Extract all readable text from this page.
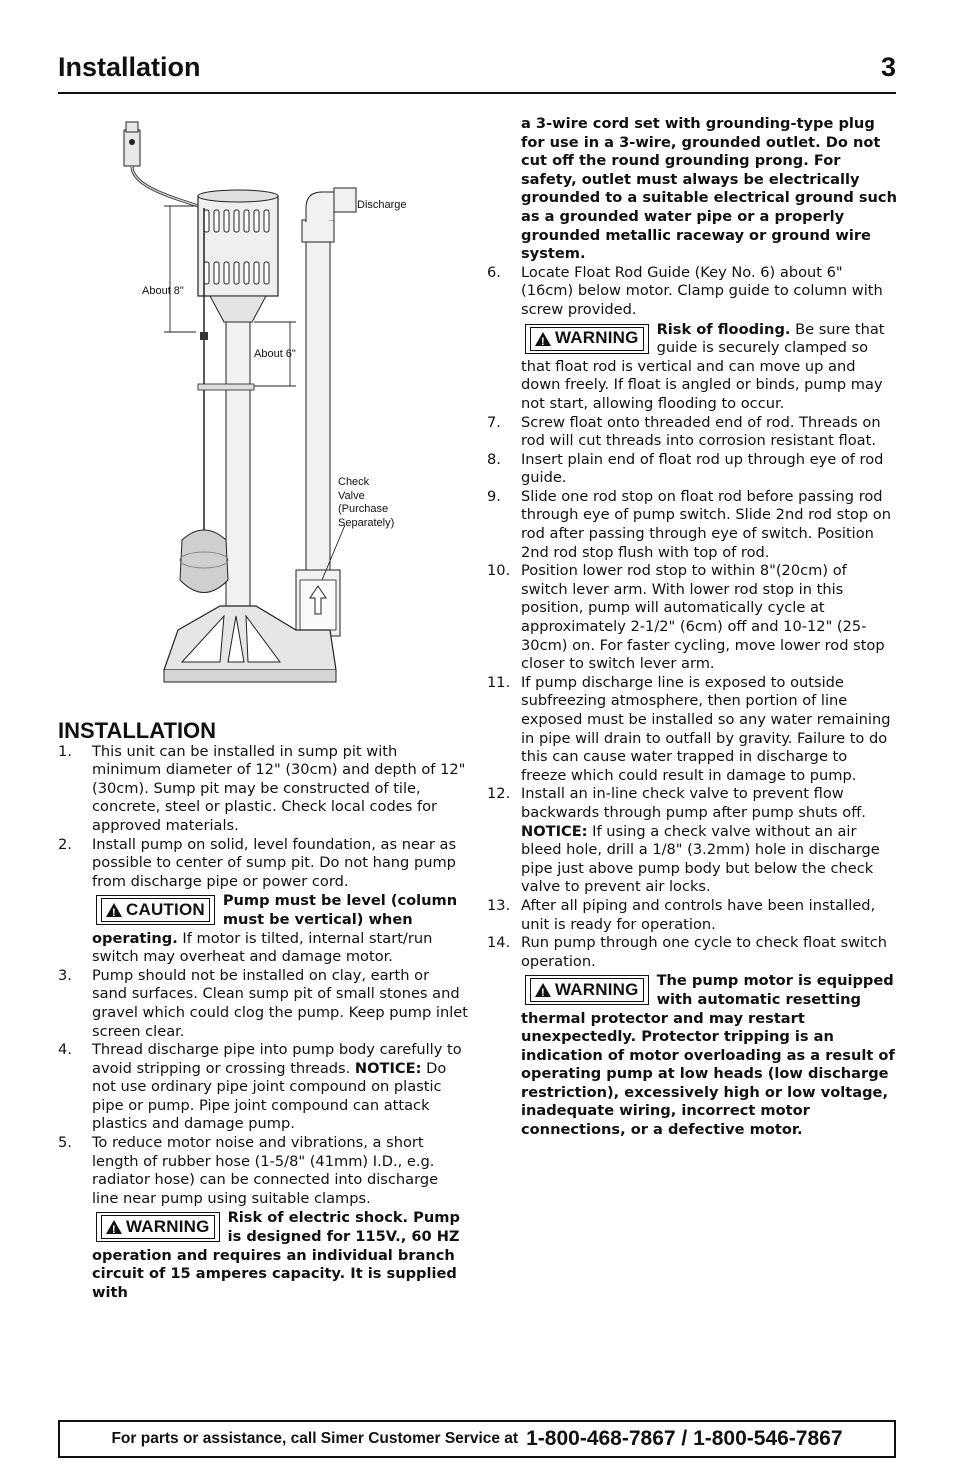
Installation	3
Discharge
About 8"
About 6"
Check
Valve
(Purchase
Separately)
INSTALLATION
1. This unit can be installed in sump pit with minimum diameter of 12" (30cm) and depth of 12" (30cm). Sump pit may be constructed of tile, concrete, steel or plastic. Check local codes for approved materials.
2. Install pump on solid, level foundation, as near as possible to center of sump pit. Do not hang pump from discharge pipe or power cord.
!
CAUTION Pump must be level (column must be vertical) when operating. If motor is tilted, internal start/run switch may overheat and damage motor.
3. Pump should not be installed on clay, earth or sand surfaces. Clean sump pit of small stones and gravel which could clog the pump. Keep pump inlet screen clear.
4. Thread discharge pipe into pump body carefully to avoid stripping or crossing threads. NOTICE: Do not use ordinary pipe joint compound on plastic pipe or pump. Pipe joint compound can attack plastics and damage pump.
5. To reduce motor noise and vibrations, a short length of rubber hose (1-5/8" (41mm) I.D., e.g. radiator hose) can be connected into discharge line near pump using suitable clamps.
!
WARNING Risk of electric shock. Pump is designed for 115V., 60 HZ operation and requires an individual branch circuit of 15 amperes capacity. It is supplied with
a 3-wire cord set with grounding-type plug for use in a 3-wire, grounded outlet. Do not cut off the round grounding prong. For safety, outlet must always be electrically grounded to a suitable electrical ground such as a grounded water pipe or a properly grounded metallic raceway or ground wire system.
6. Locate Float Rod Guide (Key No. 6) about 6" (16cm) below motor. Clamp guide to column with screw provided.
!
WARNING Risk of flooding. Be sure that guide is securely clamped so that float rod is vertical and can move up and down freely. If float is angled or binds, pump may not start, allowing flooding to occur.
7. Screw float onto threaded end of rod. Threads on rod will cut threads into corrosion resistant float.
8. Insert plain end of float rod up through eye of rod guide.
9. Slide one rod stop on float rod before passing rod through eye of pump switch. Slide 2nd rod stop on rod after passing through eye of switch. Position 2nd rod stop flush with top of rod.
10. Position lower rod stop to within 8"(20cm) of switch lever arm. With lower rod stop in this position, pump will automatically cycle at approximately 2-1/2" (6cm) off and 10-12" (25-30cm) on. For faster cycling, move lower rod stop closer to switch lever arm.
11. If pump discharge line is exposed to outside subfreezing atmosphere, then portion of line exposed must be installed so any water remaining in pipe will drain to outfall by gravity. Failure to do this can cause water trapped in discharge to freeze which could result in damage to pump.
12. Install an in-line check valve to prevent flow backwards through pump after pump shuts off. NOTICE: If using a check valve without an air bleed hole, drill a 1/8" (3.2mm) hole in discharge pipe just above pump body but below the check valve to prevent air locks.
13. After all piping and controls have been installed, unit is ready for operation.
14. Run pump through one cycle to check float switch operation.
!
WARNING The pump motor is equipped with automatic resetting thermal protector and may restart unexpectedly. Protector tripping is an indication of motor overloading as a result of operating pump at low heads (low discharge restriction), excessively high or low voltage, inadequate wiring, incorrect motor connections, or a defective motor.
For parts or assistance, call Simer Customer Service at 1-800-468-7867 / 1-800-546-7867
